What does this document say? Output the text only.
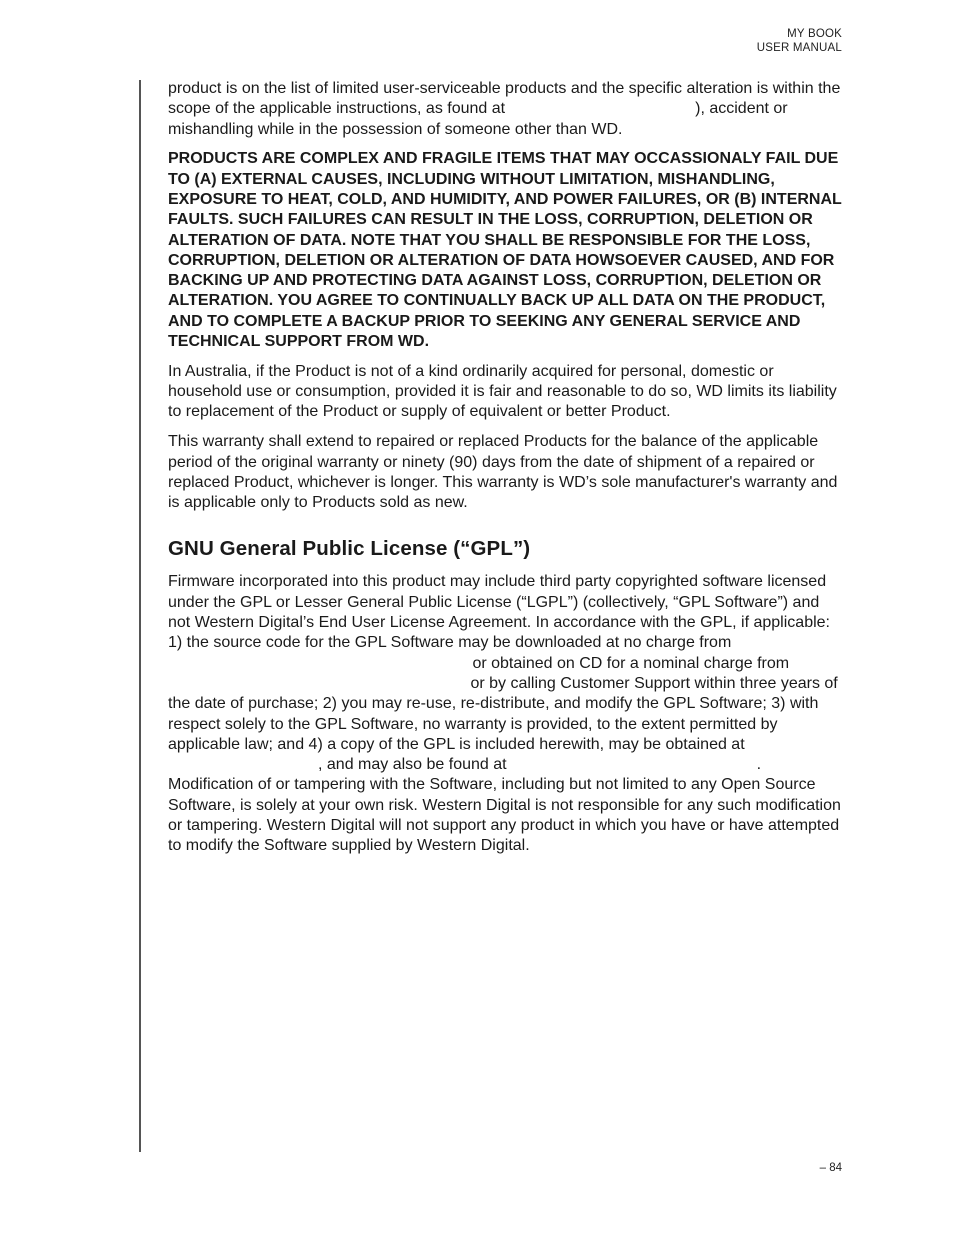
MY BOOK
USER MANUAL

product is on the list of limited user-serviceable products and the specific alteration is within the scope of the applicable instructions, as found at	), accident or mishandling while in the possession of someone other than WD.

PRODUCTS ARE COMPLEX AND FRAGILE ITEMS THAT MAY OCCASSIONALY FAIL DUE TO (A) EXTERNAL CAUSES, INCLUDING WITHOUT LIMITATION, MISHANDLING, EXPOSURE TO HEAT, COLD, AND HUMIDITY, AND POWER FAILURES, OR (B) INTERNAL FAULTS. SUCH FAILURES CAN RESULT IN THE LOSS, CORRUPTION, DELETION OR ALTERATION OF DATA. NOTE THAT YOU SHALL BE RESPONSIBLE FOR THE LOSS, CORRUPTION, DELETION OR ALTERATION OF DATA HOWSOEVER CAUSED, AND FOR BACKING UP AND PROTECTING DATA AGAINST LOSS, CORRUPTION, DELETION OR ALTERATION. YOU AGREE TO CONTINUALLY BACK UP ALL DATA ON THE PRODUCT, AND TO COMPLETE A BACKUP PRIOR TO SEEKING ANY GENERAL SERVICE AND TECHNICAL SUPPORT FROM WD.

In Australia, if the Product is not of a kind ordinarily acquired for personal, domestic or household use or consumption, provided it is fair and reasonable to do so, WD limits its liability to replacement of the Product or supply of equivalent or better Product.

This warranty shall extend to repaired or replaced Products for the balance of the applicable period of the original warranty or ninety (90) days from the date of shipment of a repaired or replaced Product, whichever is longer. This warranty is WD’s sole manufacturer's warranty and is applicable only to Products sold as new.

GNU General Public License (“GPL”)

Firmware incorporated into this product may include third party copyrighted software licensed under the GPL or Lesser General Public License (“LGPL”) (collectively, “GPL Software”) and not Western Digital’s End User License Agreement. In accordance with the GPL, if applicable: 1) the source code for the GPL Software may be downloaded at no charge from or obtained on CD for a nominal charge from or by calling Customer Support within three years of the date of purchase; 2) you may re-use, re-distribute, and modify the GPL Software; 3) with respect solely to the GPL Software, no warranty is provided, to the extent permitted by applicable law; and 4) a copy of the GPL is included herewith, may be obtained at, and may also be found at	. Modification of or tampering with the Software, including but not limited to any Open Source Software, is solely at your own risk. Western Digital is not responsible for any such modification or tampering. Western Digital will not support any product in which you have or have attempted to modify the Software supplied by Western Digital.

– 84
